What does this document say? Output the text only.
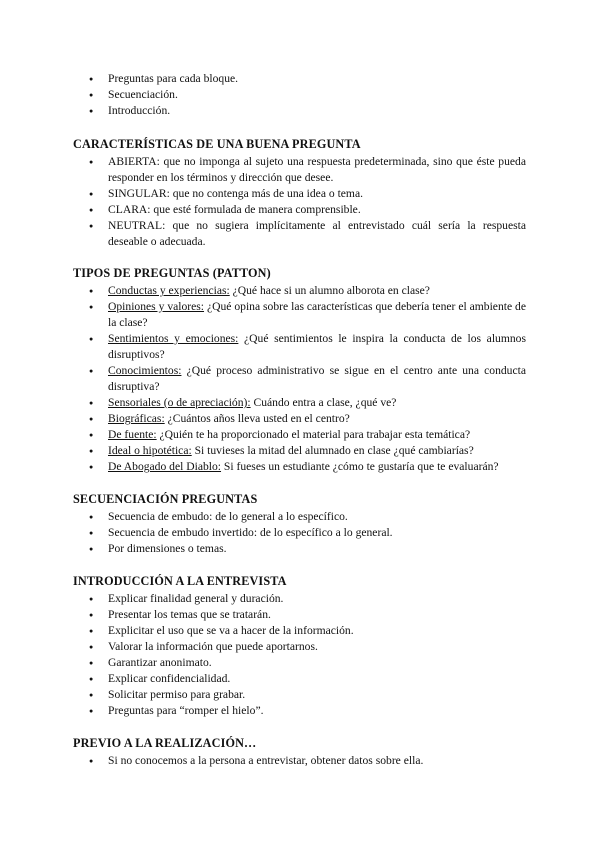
● Preguntas para cada bloque.
● Secuenciación.
● Introducción.
CARACTERÍSTICAS DE UNA BUENA PREGUNTA
● ABIERTA: que no imponga al sujeto una respuesta predeterminada, sino que éste pueda responder en los términos y dirección que desee.
● SINGULAR: que no contenga más de una idea o tema.
● CLARA: que esté formulada de manera comprensible.
● NEUTRAL: que no sugiera implícitamente al entrevistado cuál sería la respuesta deseable o adecuada.
TIPOS DE PREGUNTAS (PATTON)
● Conductas y experiencias: ¿Qué hace si un alumno alborota en clase?
● Opiniones y valores: ¿Qué opina sobre las características que debería tener el ambiente de la clase?
● Sentimientos y emociones: ¿Qué sentimientos le inspira la conducta de los alumnos disruptivos?
● Conocimientos: ¿Qué proceso administrativo se sigue en el centro ante una conducta disruptiva?
● Sensoriales (o de apreciación): Cuándo entra a clase, ¿qué ve?
● Biográficas: ¿Cuántos años lleva usted en el centro?
● De fuente: ¿Quién te ha proporcionado el material para trabajar esta temática?
● Ideal o hipotética: Si tuvieses la mitad del alumnado en clase ¿qué cambiarías?
● De Abogado del Diablo: Si fueses un estudiante ¿cómo te gustaría que te evaluarán?
SECUENCIACIÓN PREGUNTAS
● Secuencia de embudo: de lo general a lo específico.
● Secuencia de embudo invertido: de lo específico a lo general.
● Por dimensiones o temas.
INTRODUCCIÓN A LA ENTREVISTA
● Explicar finalidad general y duración.
● Presentar los temas que se tratarán.
● Explicitar el uso que se va a hacer de la información.
● Valorar la información que puede aportarnos.
● Garantizar anonimato.
● Explicar confidencialidad.
● Solicitar permiso para grabar.
● Preguntas para “romper el hielo”.
PREVIO A LA REALIZACIÓN…
● Si no conocemos a la persona a entrevistar, obtener datos sobre ella.
